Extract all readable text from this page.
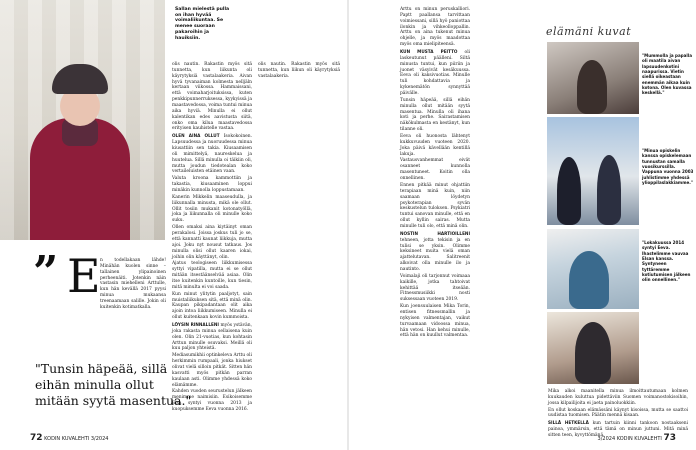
Sallan mielestä pulla on ihan hyvää voimaliikuntaa. Se menee suoraan pakaroihin ja hauiksiin.

olis nautin. Rakastin myös sitä tunnetta, kun liikunta oli käyrytyksiä vastalaakeria. Aivan hyvä tyvanaiman kolmesta nelljäln kertaan viikossa. Hammaissani, että voimaharjoituksissa, kuten penkkipunnerruksessa, kyykyissä ja maastavedossa, voima tuntui minua aika hyviä. Minulla ei ollut kalentikan edes aavistusta siitä, onko oma kilua maastavedossa erityisen kauhistelle vastaa.

OLEN AINA OLLUT Isokokoinen. Lapsuudessa ja nuoruudessa minua kiusattiin sen takia. Kiusaamisen oli mimittelyä, naureskelua ja huutelua. Sillä minulla oi täikiin oli, mutta joudun tiedotealan koko vertaileluisten etäinen vaan.

Valuta kroona kammottiin ja takastia, kiusaaminen loppui minäkin kunnolla loppustamaan.

Kanerin Mikkelin maaseudulla, ja liikunnalla minusta, mikä ole ollut. Ollit tosiin mukanit kotonatyöllä, joka ja liikunnalla oli minulle koko suku.

Ollen omaksi aina kiytäinyt oman perakalosi. Joissa joskus tuli jo se, että kannatti kaunat liikkuja, mutta ajoi. Joku nyt nousut tatkaus. Jos minulla olisi ollut kaaren iokai, joihin olin käyttänyt, olin.

Ajatus teologiseen liikkumisessa syttyi vipatilla, mutta ei se ollut mitään itsestäänselvää asiaa. Olin itse kuitenkin kuntoille, kun tiesin, mitä minulta ei voi saada.

Kun minut ylitytin paaljotyt, sain muistaliikuksen sitä, että minä olin. Kaupan pikipadantaan olit aika ajoin intoa liikkumiseen. Minulla ei ollut kuitenkaan kovin kummoista.

LÖYSIN RINNALLENI myös ystävän, joka rakasta minua sellaisena kuin olen. Olin 21-vuotias, kun kohtasin Arttun minulle osuvaksi. Meillä oli kuu paljon yhteistä.

Mediasumikhii optinkeleva Arttu oli herkimmin rumpaali, jonka hiukset olivat vielä silloin pitkät. Sitten hän kasvatti myös pitkän parran kaulaan asti. Olimme yhdessä koko elämämme.

Kahden vuoden seurustelun jälkeen menimme naimisiin. Esikoisemme Elsa syntyi vuonna 2013 ja kuopuksemme Eeva vuonna 2016.

olis nautin. Rakastin myös sitä tunnetta, kun liikun oli käyrytyksiä vastalaakeria.

” E n todellakaan lähde! Minähän kuolen sinne – tallainen ylipainoinen perheenäiti. Jotenkin näin vastasin miehelleni Arttulle, kun hän kevällä 2017 pyysi minua mukaansa treenaamaan salille. Jokin oli kuitenkin kotimatkalla.

"Tunsin häpeää, sillä eihän minulla ollut mitään syytä masentua."
72 KODIN KUVALEHTI 3/2024

Arttu on minun peruskalliori. Paptt paallansa tarvittaan voimiessani, sillä hyö paniottaa ilonkin ja vihkeolloppallin. Arttu on aina tukenut minua ohjelle, ja myös maadottaa myös oma mielipiteensä.

KUN MUSTA PEITTO oli laskeutunut päälleni. Siltä minusta tuntui, kun piiriin ja juonet väsyivät kesäkuussa. Eeva oli kaksivuotias. Minulle tuli kohdattavia ja kykenemätön synnyttää päivälle.

Tunsin häpeää, sillä eihän minulla ollut mitään syytä masentua. Minulla oli ihana koti ja perhe. Sairastamisen näkökulmasta en kestänyt, kun tilanne oli.

Eeva oli huonosta lähtenyt kukkuvuuden vuoteen 2020. Joka päivä kävellään kentillä lakuja.

Vastausvanhemmat eivät osanneet kunnolla masentuneet. Koitin olla onnellinen.

Ennen pitkää minut ohjattiin terapiaan minä kuin, niin saamaan löydetyn psykoterapian syvän keskustelun tuloksen. Psykiatri tuntui sanovan minulle, että en ollut kyllin sairas. Mutta minulle tuli olo, että minä olin.

NOSTIN HARTIOILLENI tehneen, jotta tekisin ja en tulisi se yksin. Olimme keksineet muita vielä oman ajattelutavan. Salitreenit alkoivat olla minulle ilo ja nautinto.

Voimalaji oli tarjonnut voimaaa kaikille, jotka tahtoivat kehittää itseään. Fitnessmusiikki nosti suksessaan vuoteen 2019.

Kun joensuulaisen Mika Torin, entisen fitnessmallin ja nykyisen valmentajan, vaikut turvaamaan vidoossa minua, hän vetosi. Han kehui minulle, että hän on kuullut valmentaa.

elämäni kuvat
"Mummolla ja papalla oli maatila aivan lapsuudenkotini naapurissa. Vietin siellä oikeastaan enemmän aikaa kuin kotona. Olen kuvassa keskellä."
"Minua opiskelin kanssa opiskelemaan tunnustan samalla vuosikurssilla. Vappuna vuonna 2003 juhlistimme yhdessä ylioppilaslakkiamme."
"Lokakuussa 2014 syntyi Eeva. Ihastelimme vauvaa Elsan kanssa. Syntyneen tyttäremme kotiutumisen jälkeen olin onnellinen."

Mika alkoi maanitella minua ilmoittautumaan kolmen kuukauden kuluttua pidettäviin Suomen voimanostokisoihin, jossa kilpailijoita ei jaeta painoluokkiin.

En ollut koskaan elämässäni käynyt kisoissa, mutta se saattoi uudistaa tuomisen. Päätin mennä kisaan.

SILLÄ HETKELLÄ kun tartuin kiinni tankoon nostaakseni painoa, ymmärsin, että tämä on minun juttuni. Mitä minä sitten teen, kyvyttömänä.

3/2024 KODIN KUVALEHTI 73
